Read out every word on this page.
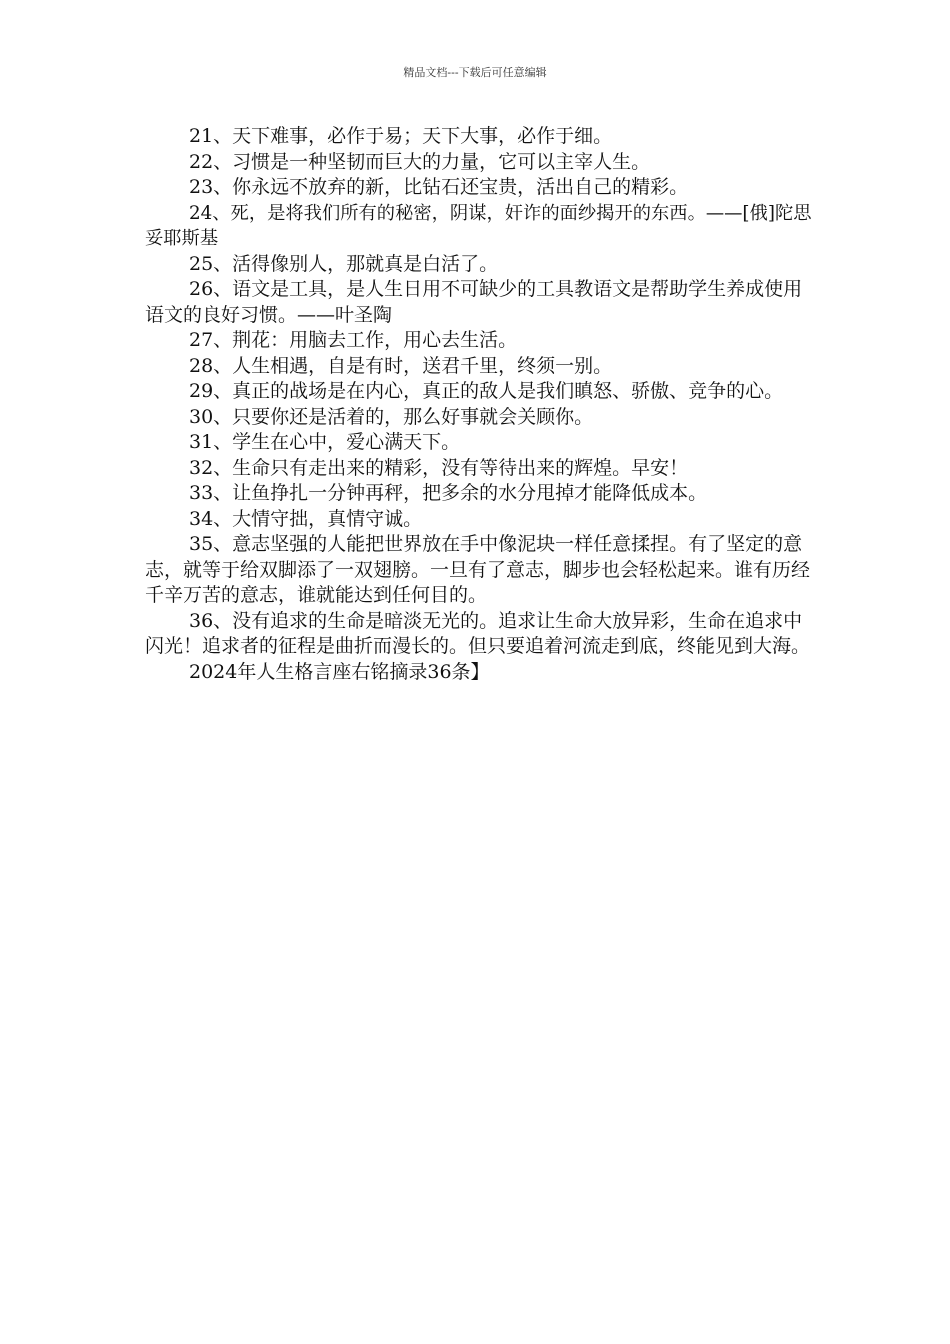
精品文档---下载后可任意编辑

21、天下难事，必作于易；天下大事，必作于细。

22、习惯是一种坚韧而巨大的力量，它可以主宰人生。

23、你永远不放弃的新，比钻石还宝贵，活出自己的精彩。

24、死，是将我们所有的秘密，阴谋，奸诈的面纱揭开的东西。——[俄]陀思妥耶斯基

25、活得像别人，那就真是白活了。

26、语文是工具，是人生日用不可缺少的工具教语文是帮助学生养成使用语文的良好习惯。——叶圣陶

27、荆花：用脑去工作，用心去生活。

28、人生相遇，自是有时，送君千里，终须一别。

29、真正的战场是在内心，真正的敌人是我们瞋怒、骄傲、竞争的心。

30、只要你还是活着的，那么好事就会关顾你。

31、学生在心中，爱心满天下。

32、生命只有走出来的精彩，没有等待出来的辉煌。早安！

33、让鱼挣扎一分钟再秤，把多余的水分甩掉才能降低成本。

34、大情守拙，真情守诚。

35、意志坚强的人能把世界放在手中像泥块一样任意揉捏。有了坚定的意志，就等于给双脚添了一双翅膀。一旦有了意志，脚步也会轻松起来。谁有历经千辛万苦的意志，谁就能达到任何目的。

36、没有追求的生命是暗淡无光的。追求让生命大放异彩，生命在追求中闪光！追求者的征程是曲折而漫长的。但只要追着河流走到底，终能见到大海。

2024年人生格言座右铭摘录36条】
